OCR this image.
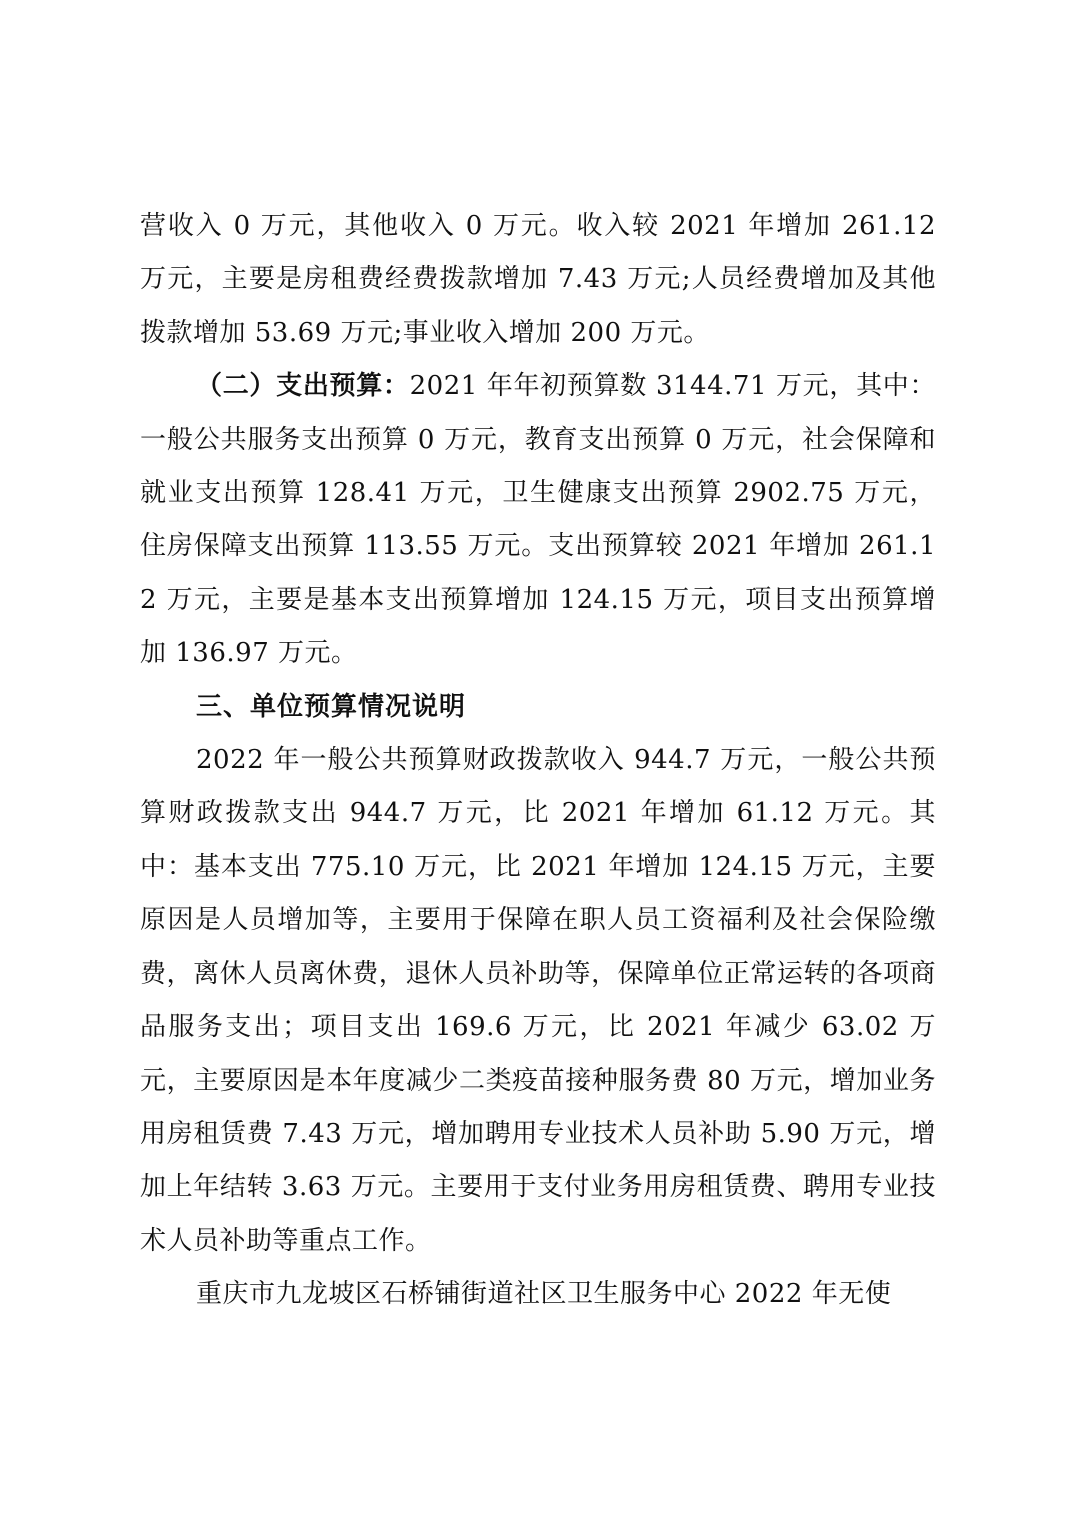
营收入 0 万元，其他收入 0 万元。收入较 2021 年增加 261.12 万元，主要是房租费经费拨款增加 7.43 万元;人员经费增加及其他拨款增加 53.69 万元;事业收入增加 200 万元。

（二）支出预算：2021 年年初预算数 3144.71 万元，其中：一般公共服务支出预算 0 万元，教育支出预算 0 万元，社会保障和就业支出预算 128.41 万元，卫生健康支出预算 2902.75 万元，住房保障支出预算 113.55 万元。支出预算较 2021 年增加 261.12 万元，主要是基本支出预算增加 124.15 万元，项目支出预算增加 136.97 万元。

三、单位预算情况说明

2022 年一般公共预算财政拨款收入 944.7 万元，一般公共预算财政拨款支出 944.7 万元，比 2021 年增加 61.12 万元。其中：基本支出 775.10 万元，比 2021 年增加 124.15 万元，主要原因是人员增加等，主要用于保障在职人员工资福利及社会保险缴费，离休人员离休费，退休人员补助等，保障单位正常运转的各项商品服务支出；项目支出 169.6 万元，比 2021 年减少 63.02 万元，主要原因是本年度减少二类疫苗接种服务费 80 万元，增加业务用房租赁费 7.43 万元，增加聘用专业技术人员补助 5.90 万元，增加上年结转 3.63 万元。主要用于支付业务用房租赁费、聘用专业技术人员补助等重点工作。

重庆市九龙坡区石桥铺街道社区卫生服务中心 2022 年无使
